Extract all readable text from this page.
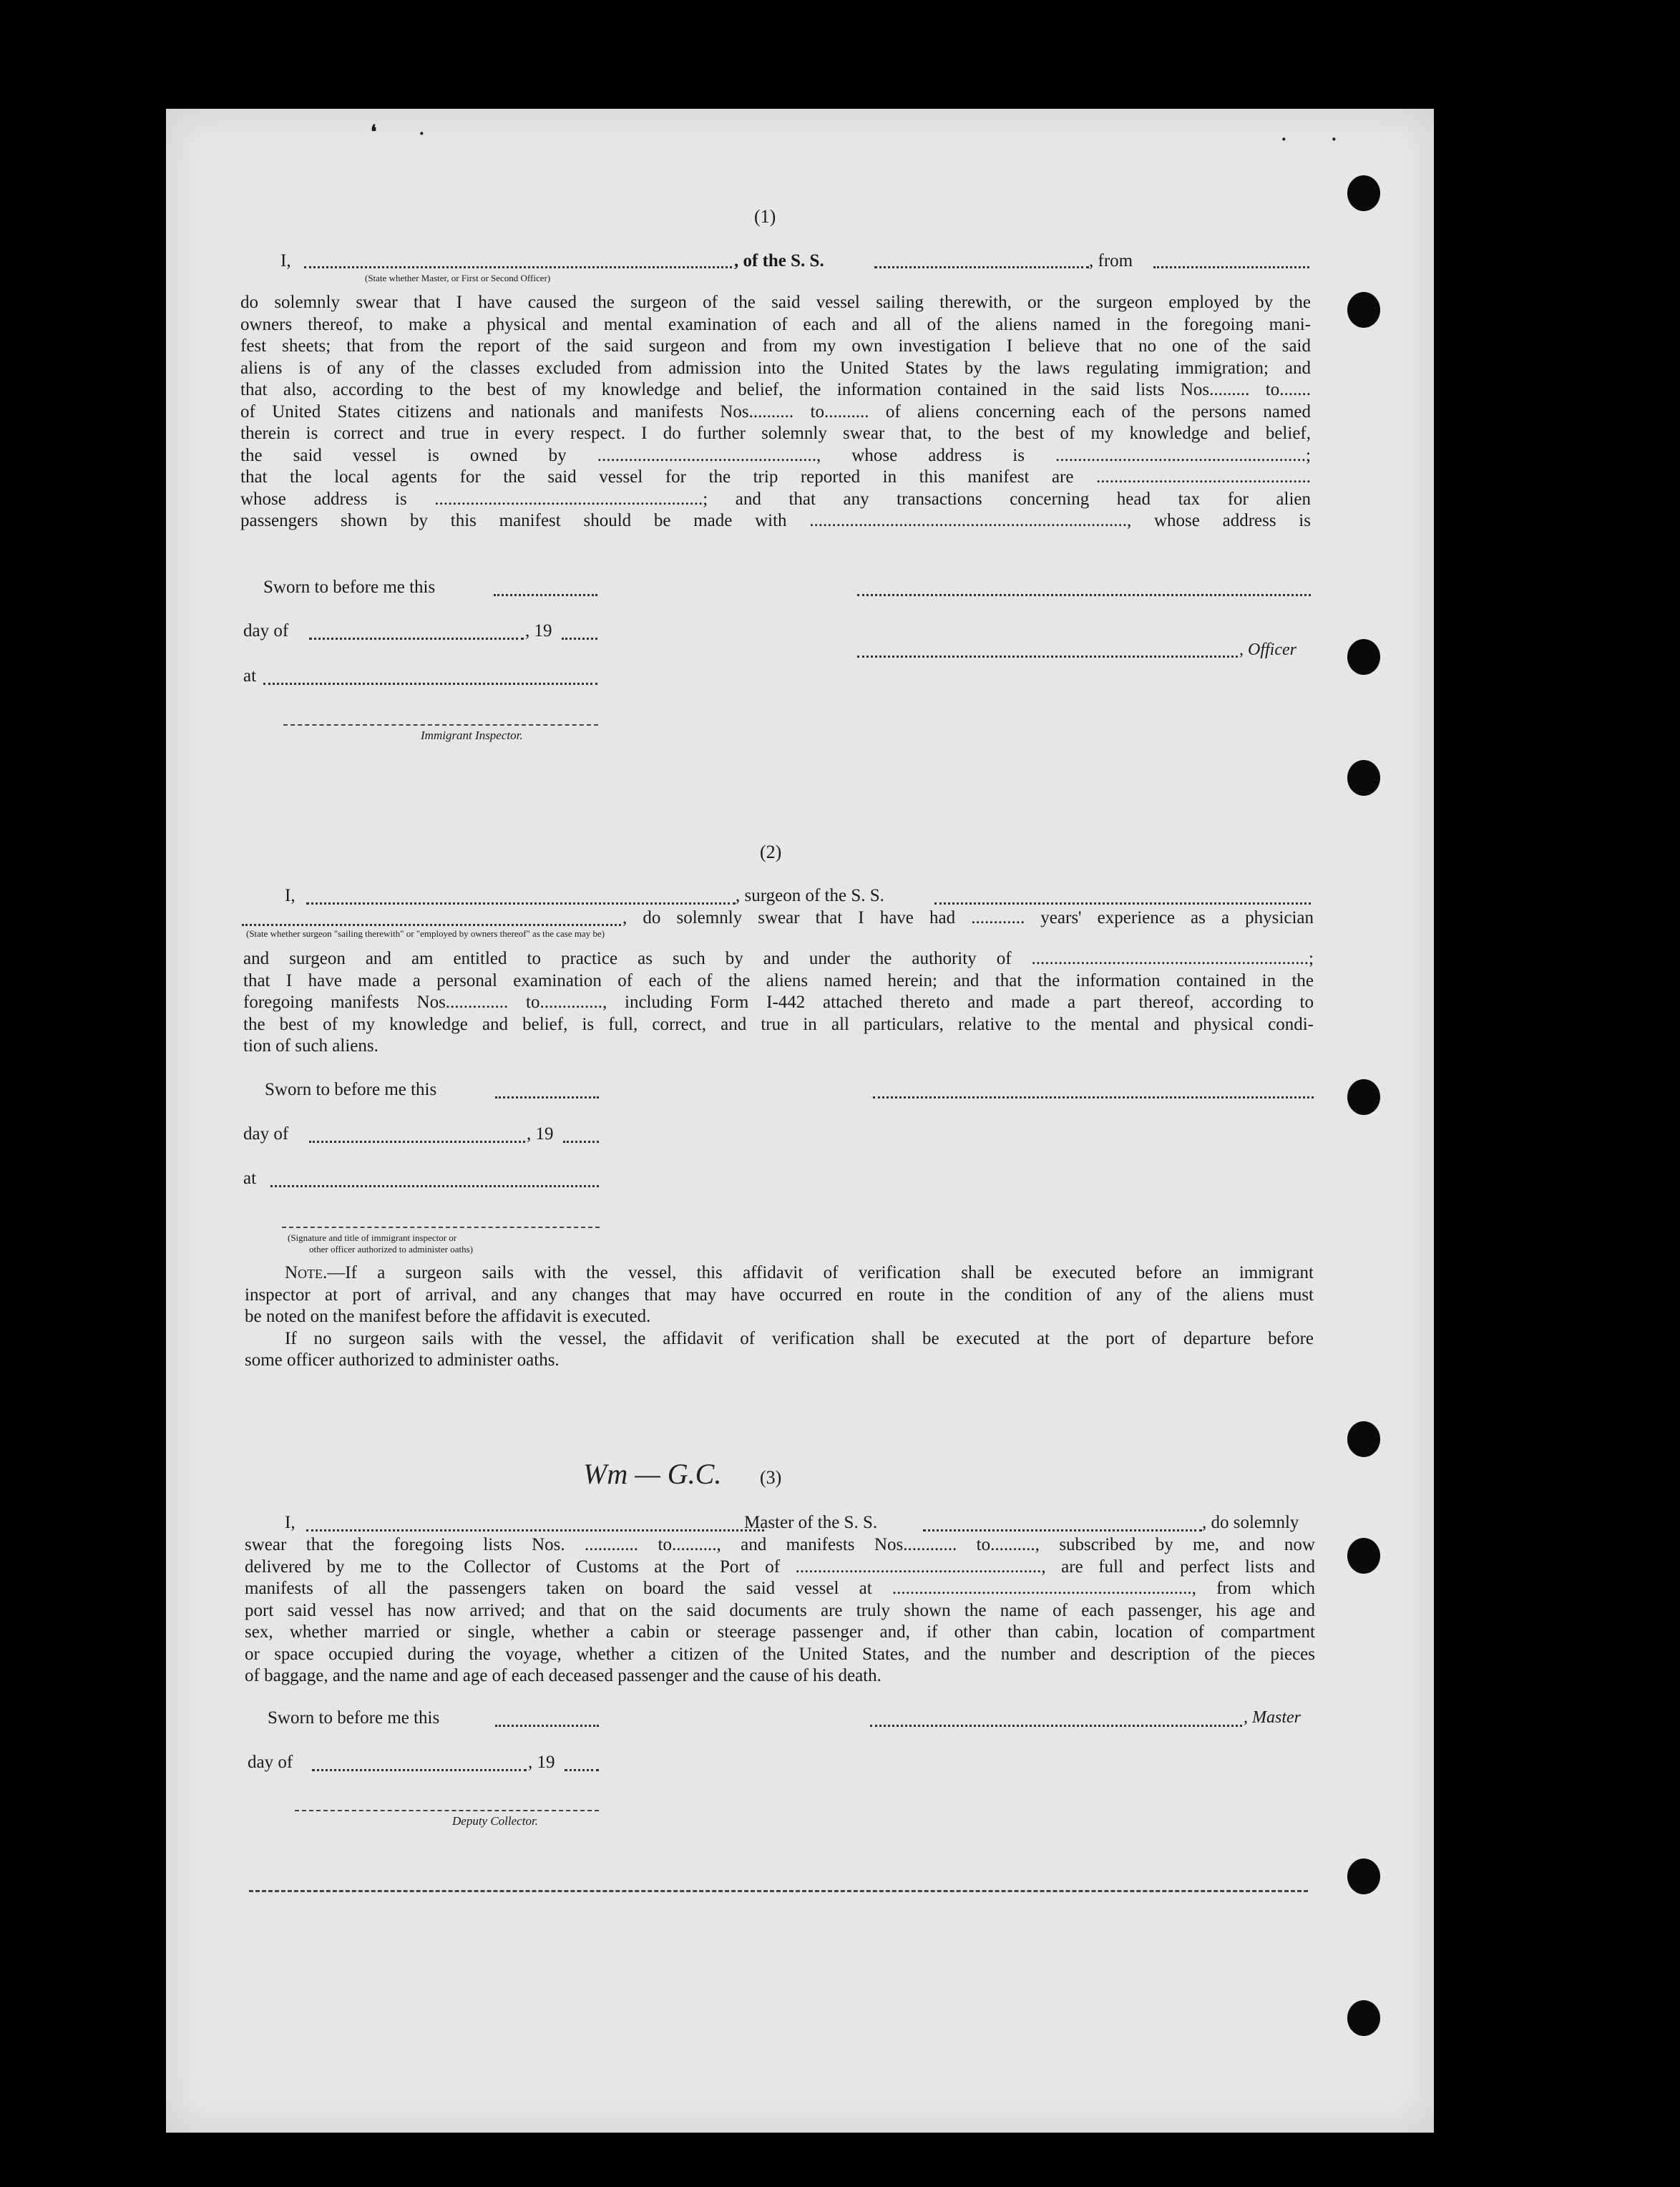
❛ ·	· ·
(1)
I,	, of the S. S.	, from
(State whether Master, or First or Second Officer)

do solemnly swear that I have caused the surgeon of the said vessel sailing therewith, or the surgeon employed by the

owners thereof, to make a physical and mental examination of each and all of the aliens named in the foregoing mani-

fest sheets; that from the report of the said surgeon and from my own investigation I believe that no one of the said

aliens is of any of the classes excluded from admission into the United States by the laws regulating immigration; and

that also, according to the best of my knowledge and belief, the information contained in the said lists Nos......... to.......

of United States citizens and nationals and manifests Nos.......... to.......... of aliens concerning each of the persons named

therein is correct and true in every respect. I do further solemnly swear that, to the best of my knowledge and belief,

the said vessel is owned by ................................................., whose address is ........................................................;

that the local agents for the said vessel for the trip reported in this manifest are ................................................

whose address is ............................................................; and that any transactions concerning head tax for alien

passengers shown by this manifest should be made with ......................................................................., whose address is

Sworn to before me this
day of	, 19
, Officer
at
Immigrant Inspector.
(2)
I,	, surgeon of the S. S.
, do solemnly swear that I have had ............ years' experience as a physician
(State whether surgeon "sailing therewith" or "employed by owners thereof" as the case may be)

and surgeon and am entitled to practice as such by and under the authority of ..............................................................;

that I have made a personal examination of each of the aliens named herein; and that the information contained in the

foregoing manifests Nos.............. to.............., including Form I-442 attached thereto and made a part thereof, according to

the best of my knowledge and belief, is full, correct, and true in all particulars, relative to the mental and physical condi-

tion of such aliens.

Sworn to before me this
day of	, 19
at
(Signature and title of immigrant inspector or
other officer authorized to administer oaths)

Note.—If a surgeon sails with the vessel, this affidavit of verification shall be executed before an immigrant

inspector at port of arrival, and any changes that may have occurred en route in the condition of any of the aliens must

be noted on the manifest before the affidavit is executed.

If no surgeon sails with the vessel, the affidavit of verification shall be executed at the port of departure before

some officer authorized to administer oaths.

Wm — G.C. (3)
I,	Master of the S. S.	, do solemnly

swear that the foregoing lists Nos. ............ to.........., and manifests Nos............ to.........., subscribed by me, and now

delivered by me to the Collector of Customs at the Port of ......................................................., are full and perfect lists and

manifests of all the passengers taken on board the said vessel at ..................................................................., from which

port said vessel has now arrived; and that on the said documents are truly shown the name of each passenger, his age and

sex, whether married or single, whether a cabin or steerage passenger and, if other than cabin, location of compartment

or space occupied during the voyage, whether a citizen of the United States, and the number and description of the pieces

of baggage, and the name and age of each deceased passenger and the cause of his death.

Sworn to before me this	, Master
day of	, 19
Deputy Collector.
